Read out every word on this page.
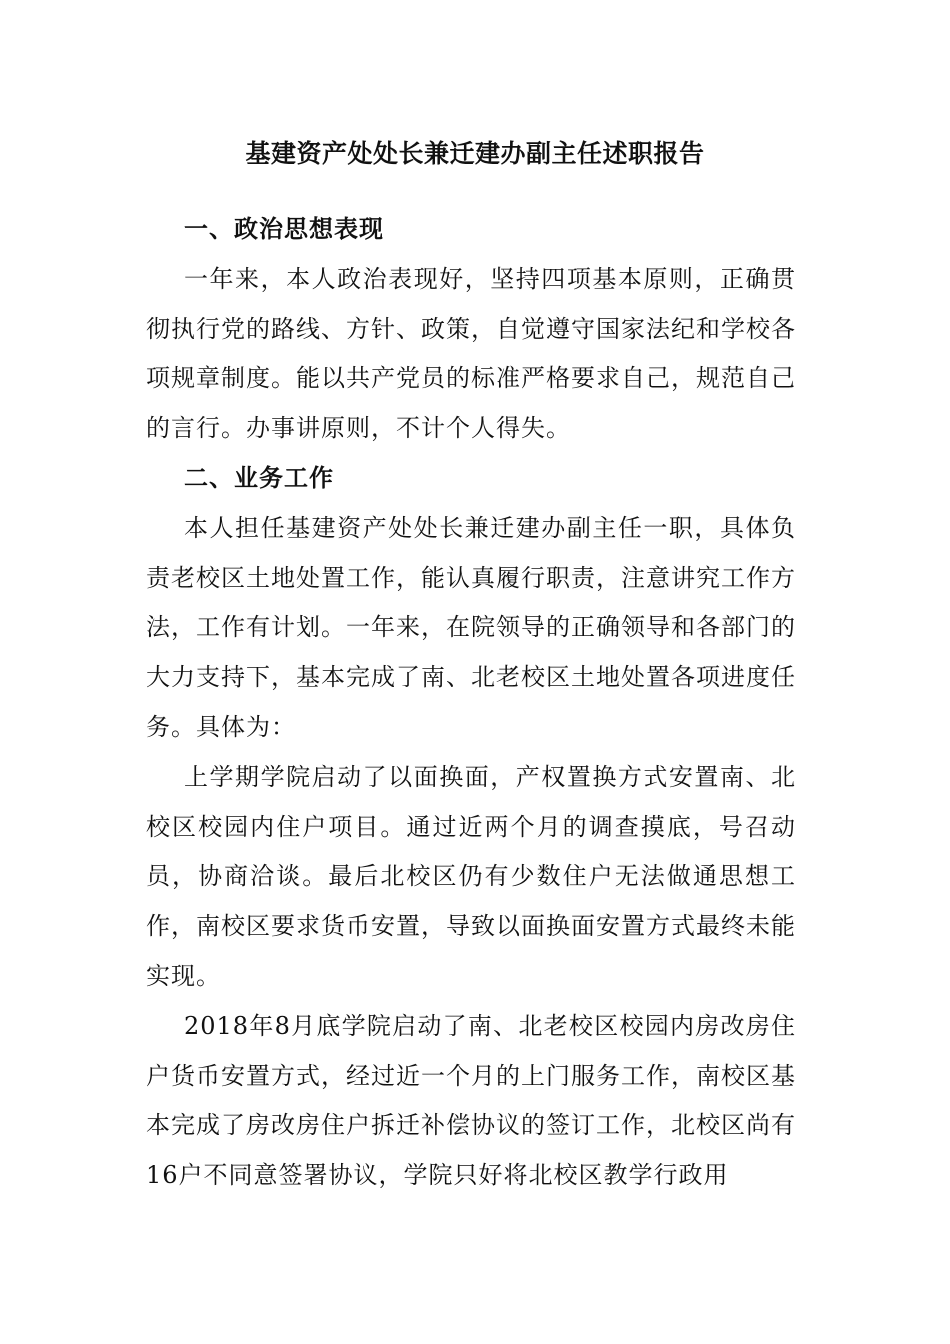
基建资产处处长兼迁建办副主任述职报告

一、政治思想表现

一年来，本人政治表现好，坚持四项基本原则，正确贯彻执行党的路线、方针、政策，自觉遵守国家法纪和学校各项规章制度。能以共产党员的标准严格要求自己，规范自己的言行。办事讲原则，不计个人得失。

二、业务工作

本人担任基建资产处处长兼迁建办副主任一职，具体负责老校区土地处置工作，能认真履行职责，注意讲究工作方法，工作有计划。一年来，在院领导的正确领导和各部门的大力支持下，基本完成了南、北老校区土地处置各项进度任务。具体为：

上学期学院启动了以面换面，产权置换方式安置南、北校区校园内住户项目。通过近两个月的调查摸底，号召动员，协商洽谈。最后北校区仍有少数住户无法做通思想工作，南校区要求货币安置，导致以面换面安置方式最终未能实现。

2018年8月底学院启动了南、北老校区校园内房改房住户货币安置方式，经过近一个月的上门服务工作，南校区基本完成了房改房住户拆迁补偿协议的签订工作，北校区尚有16户不同意签署协议，学院只好将北校区教学行政用
